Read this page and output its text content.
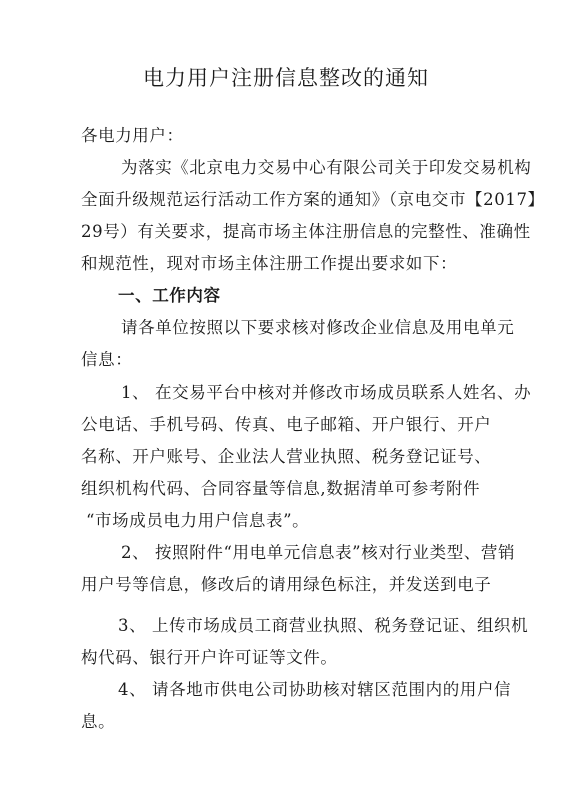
电力用户注册信息整改的通知
各电力用户：
为落实《北京电力交易中心有限公司关于印发交易机构
全面升级规范运行活动工作方案的通知》（京电交市【2017】
29号）有关要求，提高市场主体注册信息的完整性、准确性
和规范性，现对市场主体注册工作提出要求如下：
一、工作内容
请各单位按照以下要求核对修改企业信息及用电单元
信息：
1、 在交易平台中核对并修改市场成员联系人姓名、办
公电话、手机号码、传真、电子邮箱、开户银行、开户
名称、开户账号、企业法人营业执照、税务登记证号、
组织机构代码、合同容量等信息,数据清单可参考附件
“市场成员电力用户信息表”。
2、 按照附件“用电单元信息表”核对行业类型、营销
用户号等信息，修改后的请用绿色标注，并发送到电子
3、 上传市场成员工商营业执照、税务登记证、组织机
构代码、银行开户许可证等文件。
4、 请各地市供电公司协助核对辖区范围内的用户信
息。
